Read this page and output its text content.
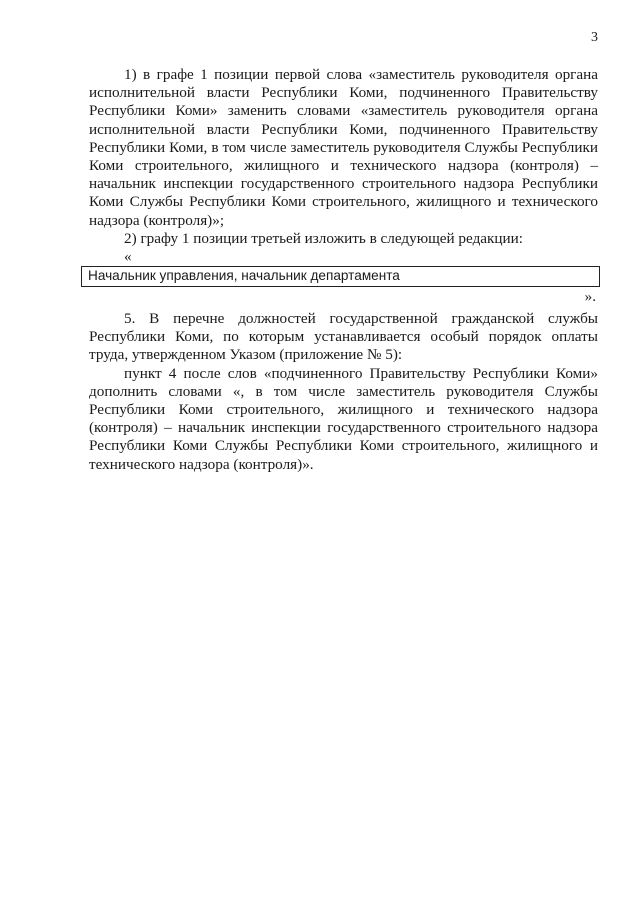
3

1) в графе 1 позиции первой слова «заместитель руководителя органа исполнительной власти Республики Коми, подчиненного Правительству Республики Коми» заменить словами «заместитель руководителя органа исполнительной власти Республики Коми, подчиненного Правительству Республики Коми, в том числе заместитель руководителя Службы Республики Коми строительного, жилищного и технического надзора (контроля) – начальник инспекции государственного строительного надзора Республики Коми Службы Республики Коми строительного, жилищного и технического надзора (контроля)»;

2) графу 1 позиции третьей изложить в следующей редакции:

«

Начальник управления, начальник департамента

».

5. В перечне должностей государственной гражданской службы Республики Коми, по которым устанавливается особый порядок оплаты труда, утвержденном Указом (приложение № 5):

пункт 4 после слов «подчиненного Правительству Республики Коми» дополнить словами «, в том числе заместитель руководителя Службы Республики Коми строительного, жилищного и технического надзора (контроля) – начальник инспекции государственного строительного надзора Республики Коми Службы Республики Коми строительного, жилищного и технического надзора (контроля)».
